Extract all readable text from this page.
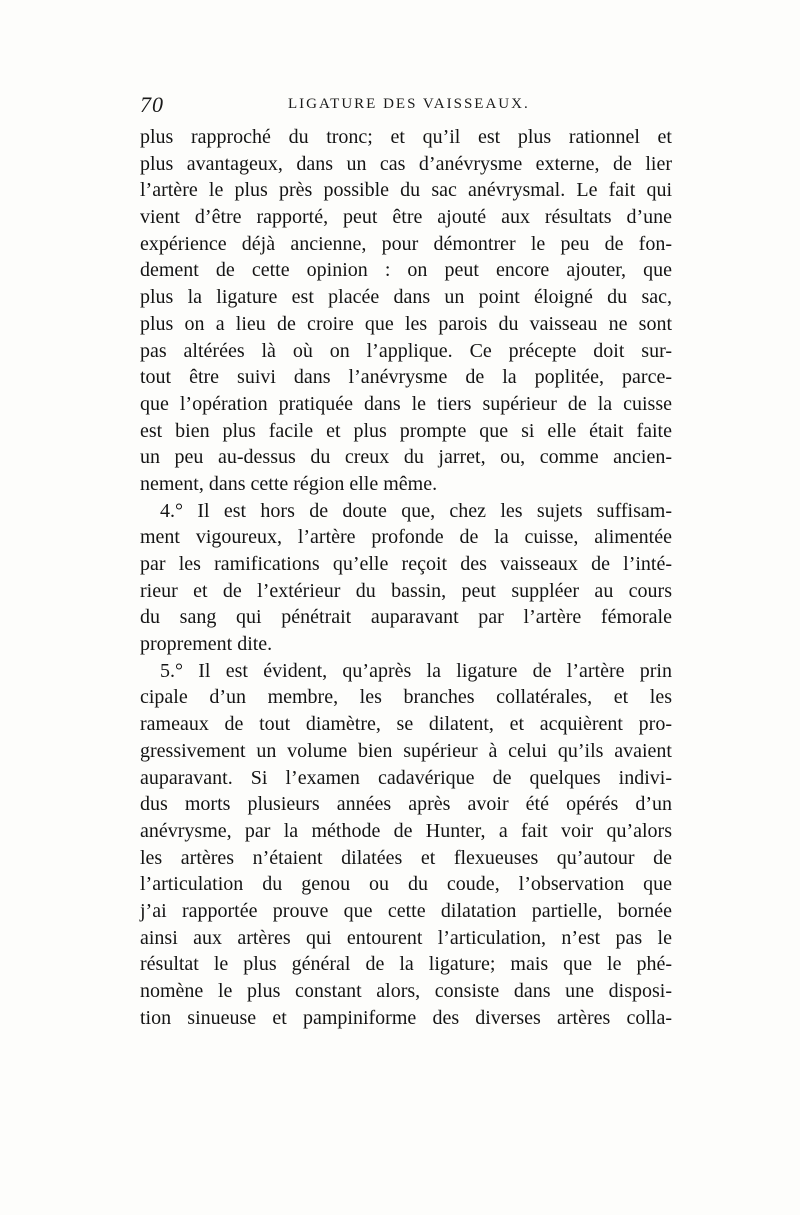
70	LIGATURE DES VAISSEAUX.
plus rapproché du tronc; et qu’il est plus rationnel et
plus avantageux, dans un cas d’anévrysme externe, de lier
l’artère le plus près possible du sac anévrysmal. Le fait qui
vient d’être rapporté, peut être ajouté aux résultats d’une
expérience déjà ancienne, pour démontrer le peu de fon-
dement de cette opinion : on peut encore ajouter, que
plus la ligature est placée dans un point éloigné du sac,
plus on a lieu de croire que les parois du vaisseau ne sont
pas altérées là où on l’applique. Ce précepte doit sur-
tout être suivi dans l’anévrysme de la poplitée, parce-
que l’opération pratiquée dans le tiers supérieur de la cuisse
est bien plus facile et plus prompte que si elle était faite
un peu au-dessus du creux du jarret, ou, comme ancien-
nement, dans cette région elle même.
4.° Il est hors de doute que, chez les sujets suffisam-
ment vigoureux, l’artère profonde de la cuisse, alimentée
par les ramifications qu’elle reçoit des vaisseaux de l’inté-
rieur et de l’extérieur du bassin, peut suppléer au cours
du sang qui pénétrait auparavant par l’artère fémorale
proprement dite.
5.° Il est évident, qu’après la ligature de l’artère prin
cipale d’un membre, les branches collatérales, et les
rameaux de tout diamètre, se dilatent, et acquièrent pro-
gressivement un volume bien supérieur à celui qu’ils avaient
auparavant. Si l’examen cadavérique de quelques indivi-
dus morts plusieurs années après avoir été opérés d’un
anévrysme, par la méthode de Hunter, a fait voir qu’alors
les artères n’étaient dilatées et flexueuses qu’autour de
l’articulation du genou ou du coude, l’observation que
j’ai rapportée prouve que cette dilatation partielle, bornée
ainsi aux artères qui entourent l’articulation, n’est pas le
résultat le plus général de la ligature; mais que le phé-
nomène le plus constant alors, consiste dans une disposi-
tion sinueuse et pampiniforme des diverses artères colla-
